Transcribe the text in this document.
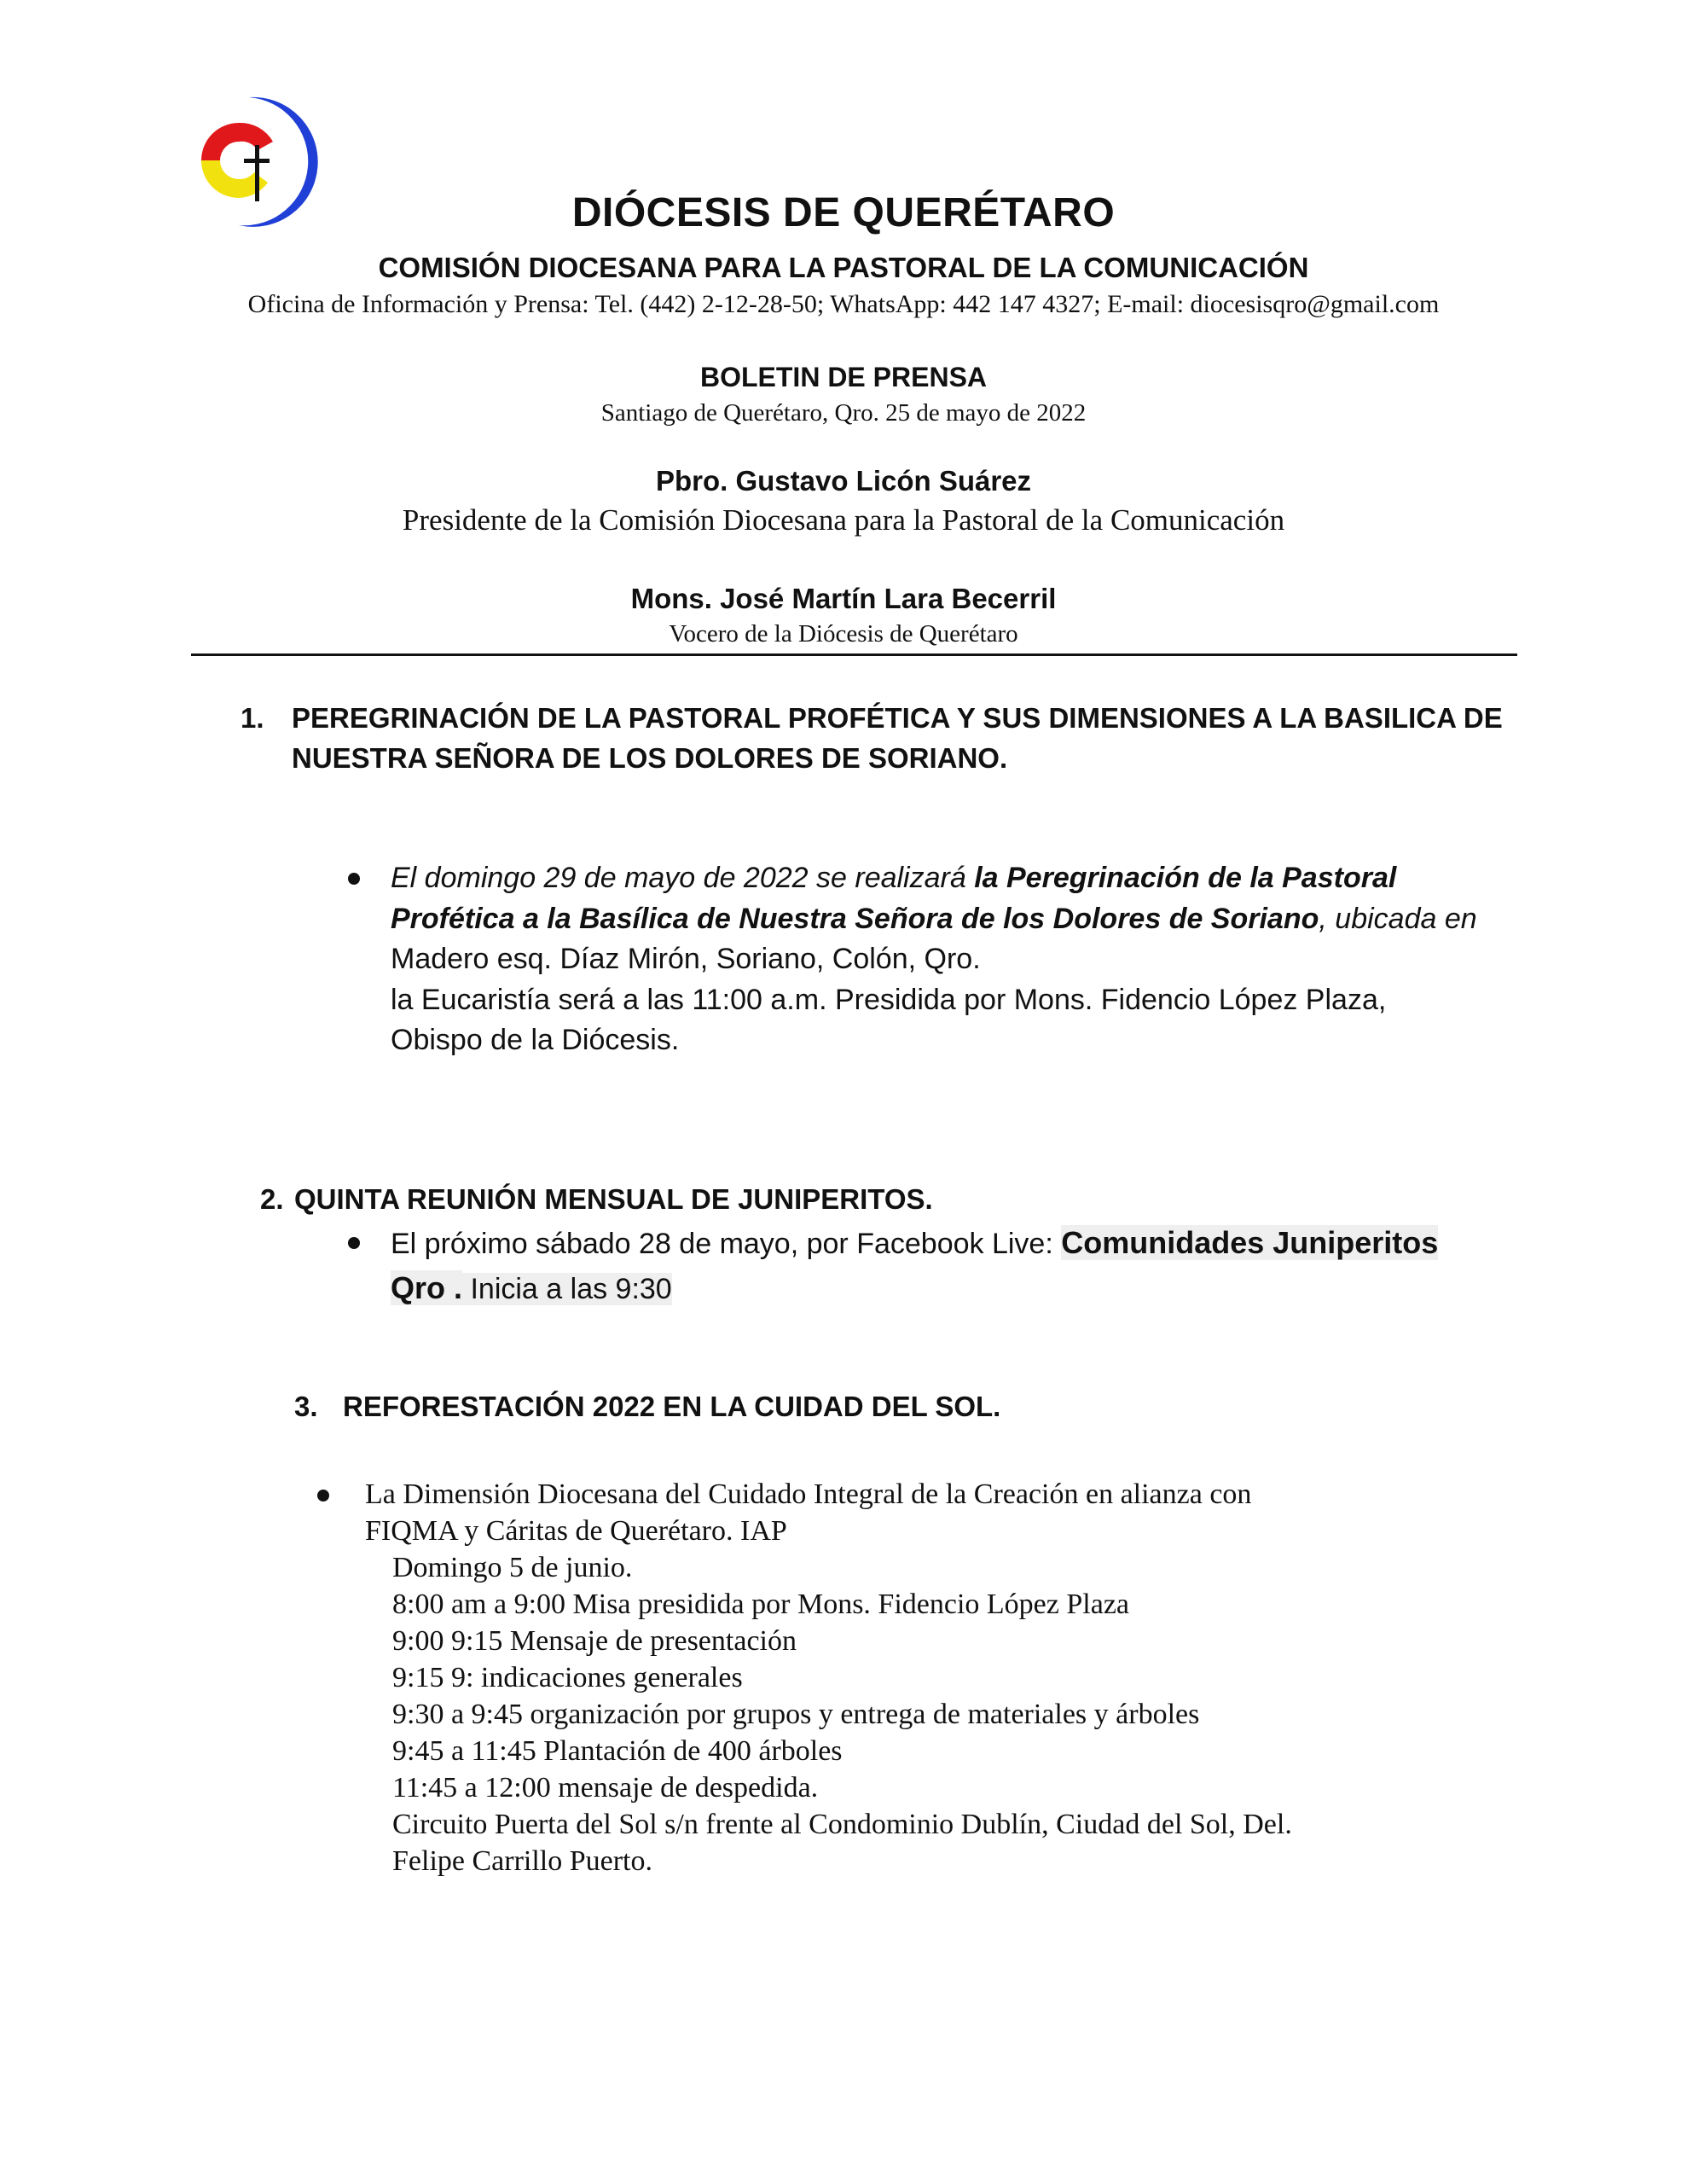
DIÓCESIS DE QUERÉTARO
COMISIÓN DIOCESANA PARA LA PASTORAL DE LA COMUNICACIÓN
Oficina de Información y Prensa: Tel. (442) 2-12-28-50; WhatsApp: 442 147 4327; E-mail: diocesisqro@gmail.com
BOLETIN DE PRENSA
Santiago de Querétaro, Qro. 25 de mayo de 2022
Pbro. Gustavo Licón Suárez
Presidente de la Comisión Diocesana para la Pastoral de la Comunicación
Mons. José Martín Lara Becerril
Vocero de la Diócesis de Querétaro
1. PEREGRINACIÓN DE LA PASTORAL PROFÉTICA Y SUS DIMENSIONES A LA BASILICA DE
NUESTRA SEÑORA DE LOS DOLORES DE SORIANO.
El domingo 29 de mayo de 2022 se realizará la Peregrinación de la Pastoral
Profética a la Basílica de Nuestra Señora de los Dolores de Soriano, ubicada en
Madero esq. Díaz Mirón, Soriano, Colón, Qro.
la Eucaristía será a las 11:00 a.m. Presidida por Mons. Fidencio López Plaza,
Obispo de la Diócesis.
2. QUINTA REUNIÓN MENSUAL DE JUNIPERITOS.
El próximo sábado 28 de mayo, por Facebook Live: Comunidades Juniperitos
Qro . Inicia a las 9:30
3. REFORESTACIÓN 2022 EN LA CUIDAD DEL SOL.
La Dimensión Diocesana del Cuidado Integral de la Creación en alianza con
FIQMA y Cáritas de Querétaro. IAP
Domingo 5 de junio.
8:00 am a 9:00 Misa presidida por Mons. Fidencio López Plaza
9:00 9:15 Mensaje de presentación
9:15 9: indicaciones generales
9:30 a 9:45 organización por grupos y entrega de materiales y árboles
9:45 a 11:45 Plantación de 400 árboles
11:45 a 12:00 mensaje de despedida.
Circuito Puerta del Sol s/n frente al Condominio Dublín, Ciudad del Sol, Del.
Felipe Carrillo Puerto.
